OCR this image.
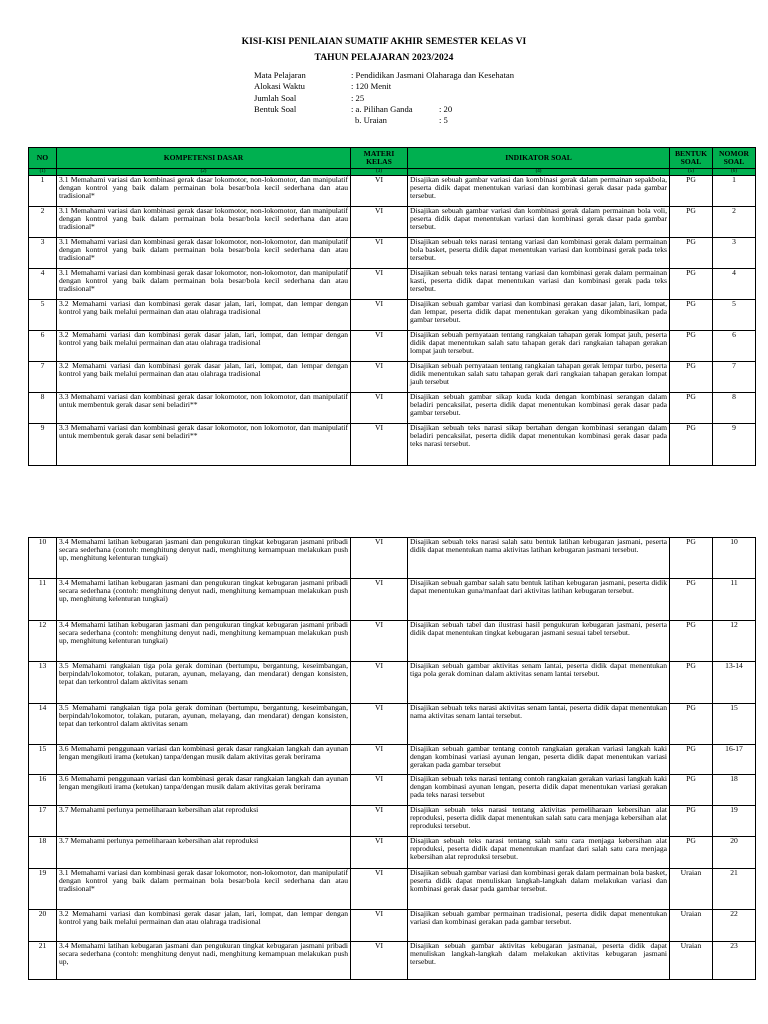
KISI-KISI PENILAIAN SUMATIF AKHIR SEMESTER KELAS VI
TAHUN PELAJARAN 2023/2024
Mata Pelajaran	: Pendidikan Jasmani Olaharaga dan Kesehatan
Alokasi Waktu	: 120 Menit
Jumlah Soal	: 25
Bentuk Soal	: a. Pilihan Ganda	: 20
b. Uraian	: 5
NO	KOMPETENSI DASAR	MATERI KELAS	INDIKATOR SOAL	BENTUK SOAL	NOMOR SOAL
(1)	(2)	(3)	(4)	(5)	(6)
1	3.1 Memahami variasi dan kombinasi gerak dasar lokomotor, non-lokomotor, dan manipulatif dengan kontrol yang baik dalam permainan bola besar/bola kecil sederhana dan atau tradisional*	VI	Disajikan sebuah gambar variasi dan kombinasi gerak dalam permainan sepakbola, peserta didik dapat menentukan variasi dan kombinasi gerak dasar pada gambar tersebut.	PG	1
2	3.1 Memahami variasi dan kombinasi gerak dasar lokomotor, non-lokomotor, dan manipulatif dengan kontrol yang baik dalam permainan bola besar/bola kecil sederhana dan atau tradisional*	VI	Disajikan sebuah gambar variasi dan kombinasi gerak dalam permainan bola voli, peserta didik dapat menentukan variasi dan kombinasi gerak dasar pada gambar tersebut.	PG	2
3	3.1 Memahami variasi dan kombinasi gerak dasar lokomotor, non-lokomotor, dan manipulatif dengan kontrol yang baik dalam permainan bola besar/bola kecil sederhana dan atau tradisional*	VI	Disajikan sebuah teks narasi tentang variasi dan kombinasi gerak dalam permainan bola basket, peserta didik dapat menentukan variasi dan kombinasi gerak pada teks tersebut.	PG	3
4	3.1 Memahami variasi dan kombinasi gerak dasar lokomotor, non-lokomotor, dan manipulatif dengan kontrol yang baik dalam permainan bola besar/bola kecil sederhana dan atau tradisional*	VI	Disajikan sebuah teks narasi tentang variasi dan kombinasi gerak dalam permainan kasti, peserta didik dapat menentukan variasi dan kombinasi gerak pada teks tersebut.	PG	4
5	3.2 Memahami variasi dan kombinasi gerak dasar jalan, lari, lompat, dan lempar dengan kontrol yang baik melalui permainan dan atau olahraga tradisional	VI	Disajikan sebuah gambar variasi dan kombinasi gerakan dasar jalan, lari, lompat, dan lempar, peserta didik dapat menentukan gerakan yang dikombinasikan pada gambar tersebut.	PG	5
6	3.2 Memahami variasi dan kombinasi gerak dasar jalan, lari, lompat, dan lempar dengan kontrol yang baik melalui permainan dan atau olahraga tradisional	VI	Disajikan sebuah pernyataan tentang rangkaian tahapan gerak lompat jauh, peserta didik dapat menentukan salah satu tahapan gerak dari rangkaian tahapan gerakan lompat jauh tersebut.	PG	6
7	3.2 Memahami variasi dan kombinasi gerak dasar jalan, lari, lompat, dan lempar dengan kontrol yang baik melalui permainan dan atau olahraga tradisional	VI	Disajikan sebuah pernyataan tentang rangkaian tahapan gerak lempar turbo, peserta didik menentukan salah satu tahapan gerak dari rangkaian tahapan gerakan lompat jauh tersebut	PG	7
8	3.3 Memahami variasi dan kombinasi gerak dasar lokomotor, non lokomotor, dan manipulatif untuk membentuk gerak dasar seni beladiri**	VI	Disajikan sebuah gambar sikap kuda kuda dengan kombinasi serangan dalam beladiri pencaksilat, peserta didik dapat menentukan kombinasi gerak dasar pada gambar tersebut.	PG	8
9	3.3 Memahami variasi dan kombinasi gerak dasar lokomotor, non lokomotor, dan manipulatif untuk membentuk gerak dasar seni beladiri**	VI	Disajikan sebuah teks narasi sikap bertahan dengan kombinasi serangan dalam beladiri pencaksilat, peserta didik dapat menentukan kombinasi gerak dasar pada teks narasi tersebut.	PG	9
10	3.4 Memahami latihan kebugaran jasmani dan pengukuran tingkat kebugaran jasmani pribadi secara sederhana (contoh: menghitung denyut nadi, menghitung kemampuan melakukan push up, menghitung kelenturan tungkai)	VI	Disajikan sebuah teks narasi salah satu bentuk latihan kebugaran jasmani, peserta didik dapat menentukan nama aktivitas latihan kebugaran jasmani tersebut.	PG	10
11	3.4 Memahami latihan kebugaran jasmani dan pengukuran tingkat kebugaran jasmani pribadi secara sederhana (contoh: menghitung denyut nadi, menghitung kemampuan melakukan push up, menghitung kelenturan tungkai)	VI	Disajikan sebuah gambar salah satu bentuk latihan kebugaran jasmani, peserta didik dapat menentukan guna/manfaat dari aktivitas latihan kebugaran tersebut.	PG	11
12	3.4 Memahami latihan kebugaran jasmani dan pengukuran tingkat kebugaran jasmani pribadi secara sederhana (contoh: menghitung denyut nadi, menghitung kemampuan melakukan push up, menghitung kelenturan tungkai)	VI	Disajikan sebuah tabel dan ilustrasi hasil pengukuran kebugaran jasmani, peserta didik dapat menentukan tingkat kebugaran jasmani sesuai tabel tersebut.	PG	12
13	3.5 Memahami rangkaian tiga pola gerak dominan (bertumpu, bergantung, keseimbangan, berpindah/lokomotor, tolakan, putaran, ayunan, melayang, dan mendarat) dengan konsisten, tepat dan terkontrol dalam aktivitas senam	VI	Disajikan sebuah gambar aktivitas senam lantai, peserta didik dapat menentukan tiga pola gerak dominan dalam aktivitas senam lantai tersebut.	PG	13-14
14	3.5 Memahami rangkaian tiga pola gerak dominan (bertumpu, bergantung, keseimbangan, berpindah/lokomotor, tolakan, putaran, ayunan, melayang, dan mendarat) dengan konsisten, tepat dan terkontrol dalam aktivitas senam	VI	Disajikan sebuah teks narasi aktivitas senam lantai, peserta didik dapat menentukan nama aktivitas senam lantai tersebut.	PG	15
15	3.6 Memahami penggunaan variasi dan kombinasi gerak dasar rangkaian langkah dan ayunan lengan mengikuti irama (ketukan) tanpa/dengan musik dalam aktivitas gerak berirama	VI	Disajikan sebuah gambar tentang contoh rangkaian gerakan variasi langkah kaki dengan kombinasi variasi ayunan lengan, peserta didik dapat menentukan variasi gerakan pada gambar tersebut	PG	16-17
16	3.6 Memahami penggunaan variasi dan kombinasi gerak dasar rangkaian langkah dan ayunan lengan mengikuti irama (ketukan) tanpa/dengan musik dalam aktivitas gerak berirama	VI	Disajikan sebuah teks narasi tentang contoh rangkaian gerakan variasi langkah kaki dengan kombinasi ayunan lengan, peserta didik dapat menentukan variasi gerakan pada teks narasi tersebut	PG	18
17	3.7 Memahami perlunya pemeliharaan kebersihan alat reproduksi	VI	Disajikan sebuah teks narasi tentang aktivitas pemeliharaan kebersihan alat reproduksi, peserta didik dapat menentukan salah satu cara menjaga kebersihan alat reproduksi tersebut.	PG	19
18	3.7 Memahami perlunya pemeliharaan kebersihan alat reproduksi	VI	Disajikan sebuah teks narasi tentang salah satu cara menjaga kebersihan alat reproduksi, peserta didik dapat menentukan manfaat dari salah satu cara menjaga kebersihan alat reproduksi tersebut.	PG	20
19	3.1 Memahami variasi dan kombinasi gerak dasar lokomotor, non-lokomotor, dan manipulatif dengan kontrol yang baik dalam permainan bola besar/bola kecil sederhana dan atau tradisional*	VI	Disajikan sebuah gambar variasi dan kombinasi gerak dalam permainan bola basket, peserta didik dapat menuliskan langkah-langkah dalam melakukan variasi dan kombinasi gerak dasar pada gambar tersebut.	Uraian	21
20	3.2 Memahami variasi dan kombinasi gerak dasar jalan, lari, lompat, dan lempar dengan kontrol yang baik melalui permainan dan atau olahraga tradisional	VI	Disajikan sebuah gambar permainan tradisional, peserta didik dapat menentukan variasi dan kombinasi gerakan pada gambar tersebut.	Uraian	22
21	3.4 Memahami latihan kebugaran jasmani dan pengukuran tingkat kebugaran jasmani pribadi secara sederhana (contoh: menghitung denyut nadi, menghitung kemampuan melakukan push up,	VI	Disajikan sebuah gambar aktivitas kebugaran jasmanai, peserta didik dapat menuliskan langkah-langkah dalam melakukan aktivitas kebugaran jasmani tersebut.	Uraian	23
